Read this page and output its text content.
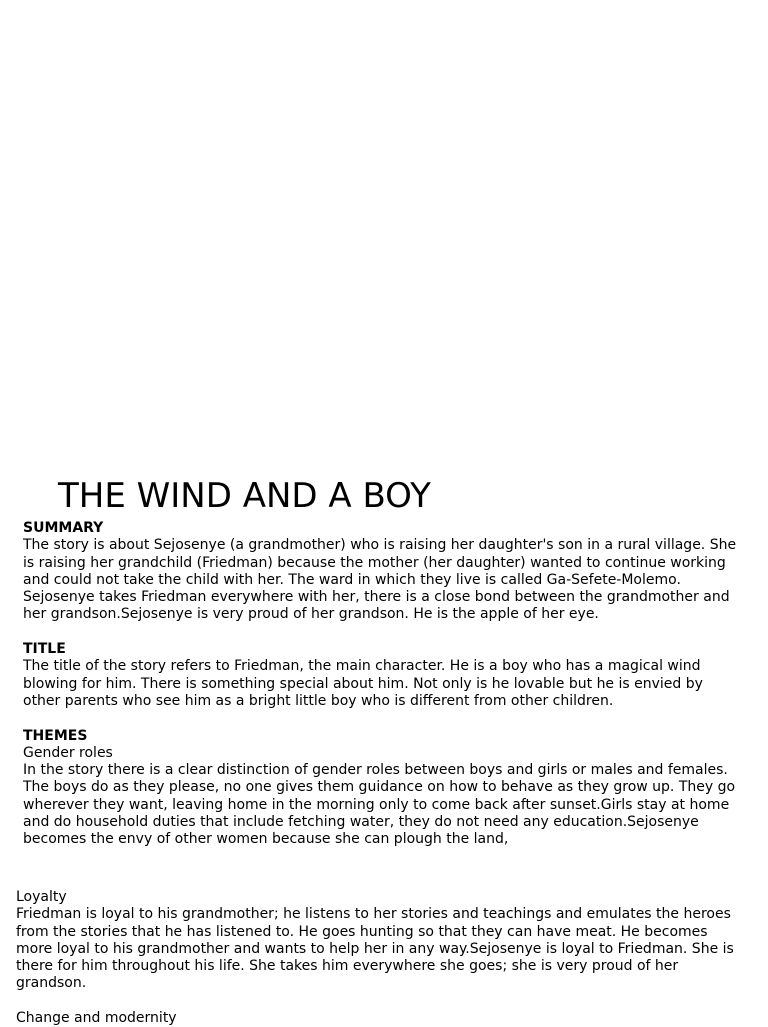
THE WIND AND A BOY

SUMMARY

The story is about Sejosenye (a grandmother) who is raising her daughter's son in a rural village. She is raising her grandchild (Friedman) because the mother (her daughter) wanted to continue working and could not take the child with her. The ward in which they live is called Ga-Sefete-Molemo. Sejosenye takes Friedman everywhere with her, there is a close bond between the grandmother and her grandson.Sejosenye is very proud of her grandson. He is the apple of her eye.

TITLE

The title of the story refers to Friedman, the main character. He is a boy who has a magical wind blowing for him. There is something special about him. Not only is he lovable but he is envied by other parents who see him as a bright little boy who is different from other children.

THEMES

Gender roles

In the story there is a clear distinction of gender roles between boys and girls or males and females. The boys do as they please, no one gives them guidance on how to behave as they grow up. They go wherever they want, leaving home in the morning only to come back after sunset.Girls stay at home and do household duties that include fetching water, they do not need any education.Sejosenye becomes the envy of other women because she can plough the land,

Loyalty

Friedman is loyal to his grandmother; he listens to her stories and teachings and emulates the heroes from the stories that he has listened to. He goes hunting so that they can have meat. He becomes more loyal to his grandmother and wants to help her in any way.Sejosenye is loyal to Friedman. She is there for him throughout his life. She takes him everywhere she goes; she is very proud of her grandson.

Change and modernity
